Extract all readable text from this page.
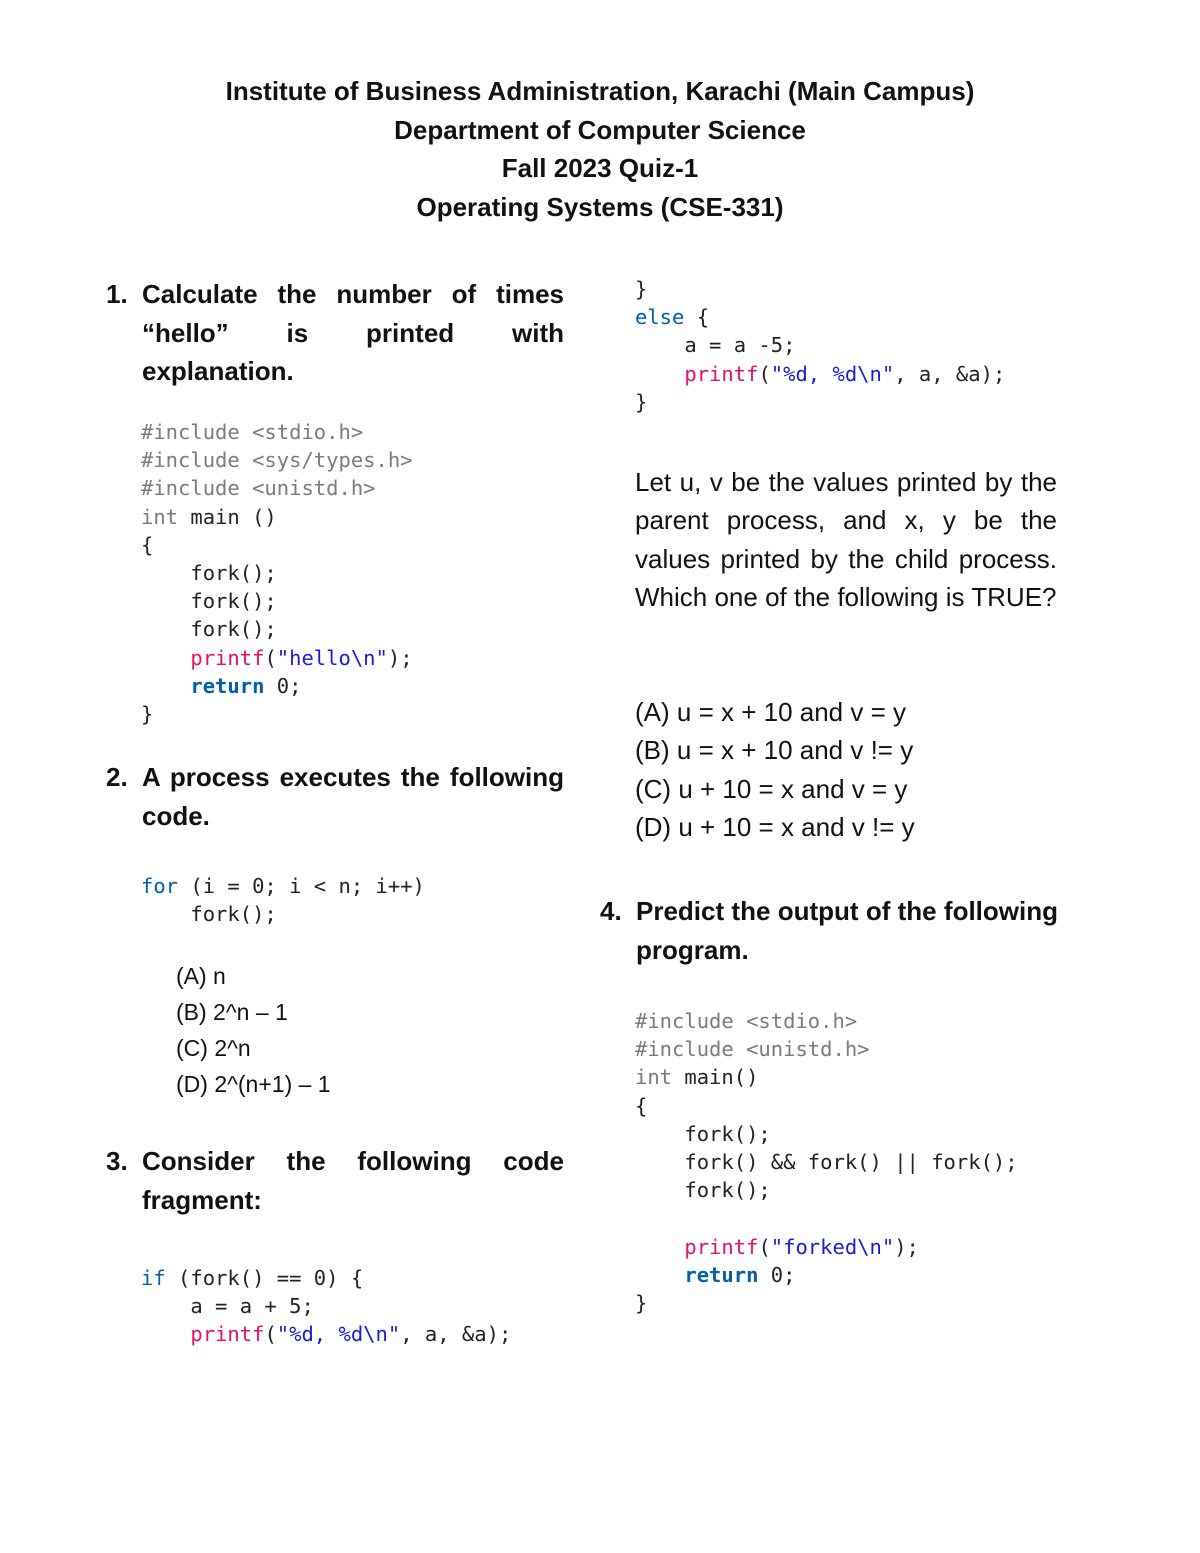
Institute of Business Administration, Karachi (Main Campus)
Department of Computer Science
Fall 2023 Quiz-1
Operating Systems (CSE-331)
1. Calculate the number of times “hello” is printed with explanation.
#include <stdio.h>
#include <sys/types.h>
#include <unistd.h>
int main ()
{
fork();
fork();
fork();
printf("hello\n");
return 0;
}
2. A process executes the following code.
for (i = 0; i < n; i++)
fork();
(A) n
(B) 2^n – 1
(C) 2^n
(D) 2^(n+1) – 1
3. Consider the following code fragment:
if (fork() == 0) {
a = a + 5;
printf("%d, %d\n", a, &a);
}
else {
a = a -5;
printf("%d, %d\n", a, &a);
}
Let u, v be the values printed by the parent process, and x, y be the values printed by the child process. Which one of the following is TRUE?
(A) u = x + 10 and v = y
(B) u = x + 10 and v != y
(C) u + 10 = x and v = y
(D) u + 10 = x and v != y
4. Predict the output of the following program.
#include <stdio.h>
#include <unistd.h>
int main()
{
fork();
fork() && fork() || fork();
fork();

printf("forked\n");
return 0;
}
